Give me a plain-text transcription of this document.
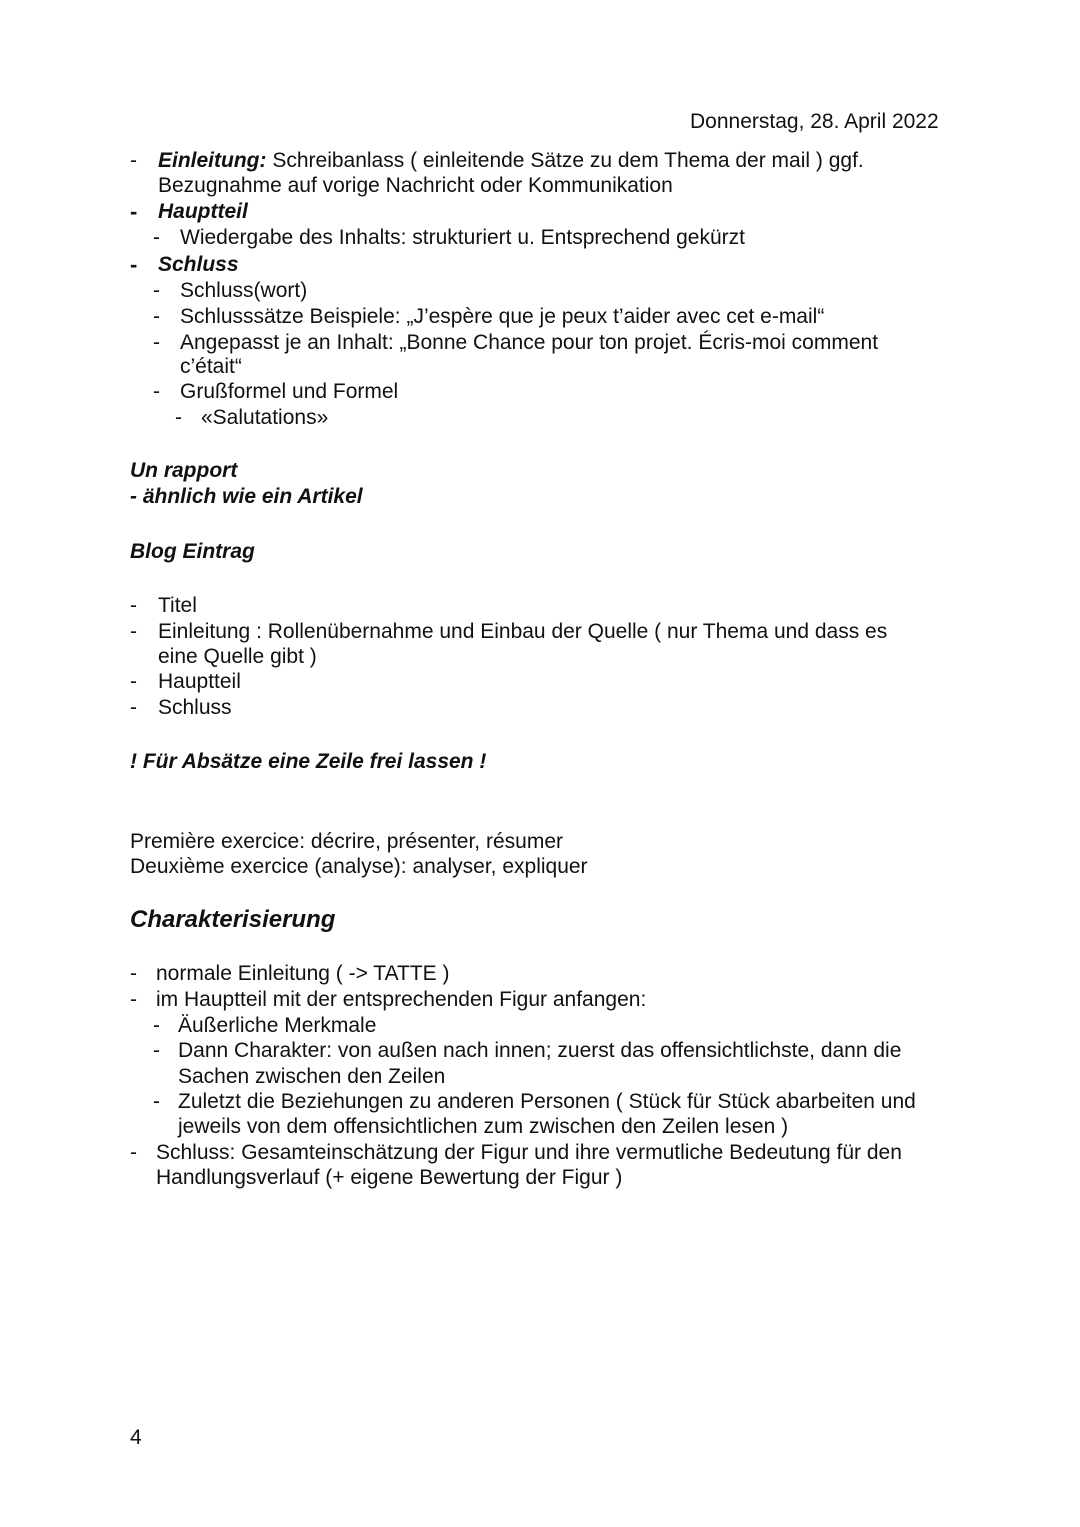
Donnerstag, 28. April 2022
- Einleitung: Schreibanlass ( einleitende Sätze zu dem Thema der mail ) ggf.
Bezugnahme auf vorige Nachricht oder Kommunikation
- Hauptteil
- Wiedergabe des Inhalts: strukturiert u. Entsprechend gekürzt
- Schluss
- Schluss(wort)
- Schlusssätze Beispiele: „J’espère que je peux t’aider avec cet e-mail“
- Angepasst je an Inhalt: „Bonne Chance pour ton projet. Écris-moi comment
c’était“
- Grußformel und Formel
- «Salutations»
Un rapport
- ähnlich wie ein Artikel
Blog Eintrag
- Titel
- Einleitung : Rollenübernahme und Einbau der Quelle ( nur Thema und dass es
eine Quelle gibt )
- Hauptteil
- Schluss
! Für Absätze eine Zeile frei lassen !
Première exercice: décrire, présenter, résumer
Deuxième exercice (analyse): analyser, expliquer
Charakterisierung
- normale Einleitung ( -> TATTE )
- im Hauptteil mit der entsprechenden Figur anfangen:
- Äußerliche Merkmale
- Dann Charakter: von außen nach innen; zuerst das offensichtlichste, dann die
Sachen zwischen den Zeilen
- Zuletzt die Beziehungen zu anderen Personen ( Stück für Stück abarbeiten und
jeweils von dem offensichtlichen zum zwischen den Zeilen lesen )
- Schluss: Gesamteinschätzung der Figur und ihre vermutliche Bedeutung für den
Handlungsverlauf (+ eigene Bewertung der Figur )
4
